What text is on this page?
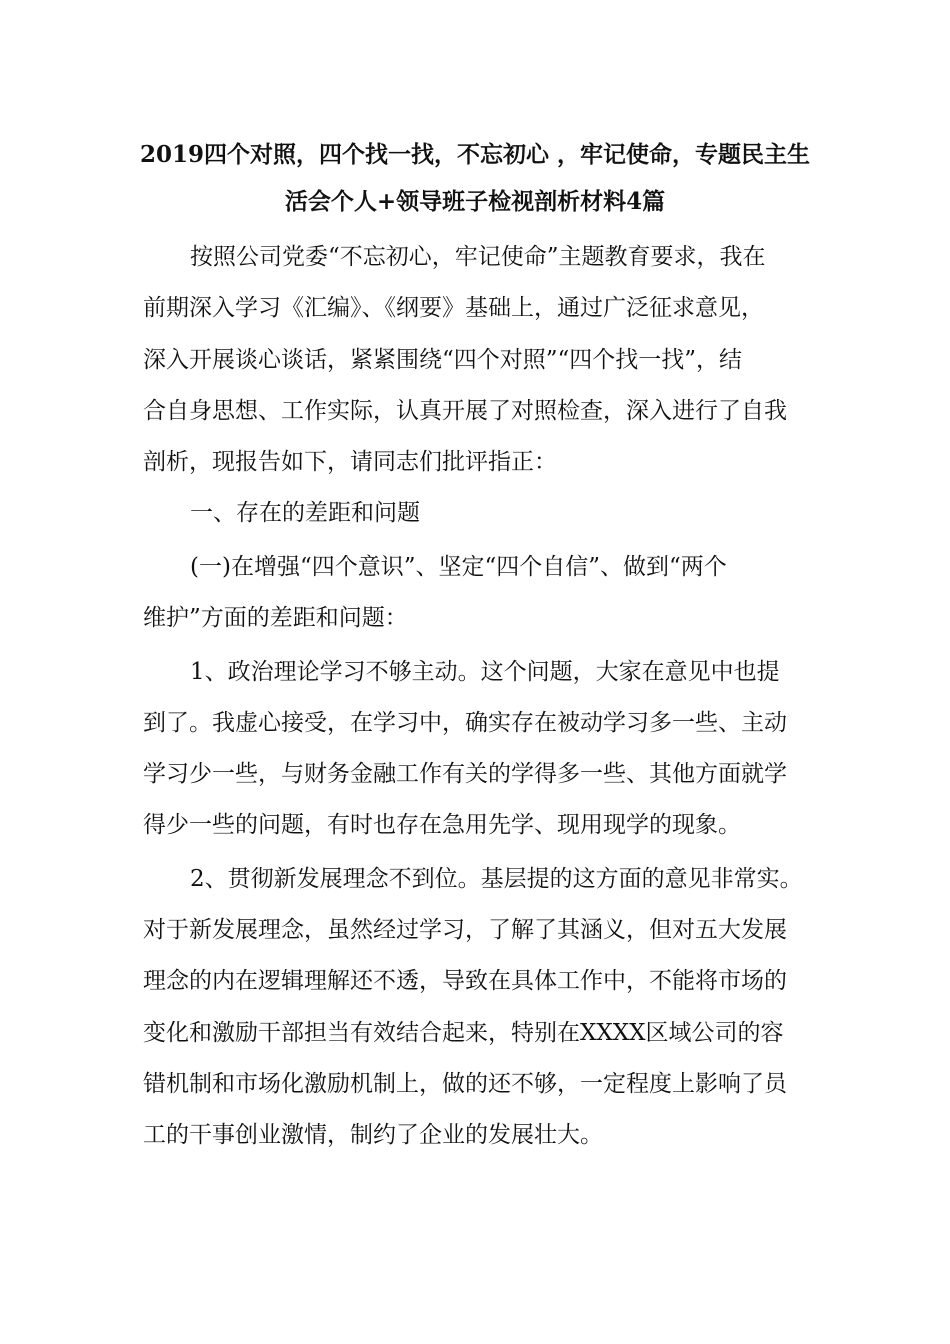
2019四个对照，四个找一找，不忘初心 ，牢记使命，专题民主生
活会个人+领导班子检视剖析材料4篇
按照公司党委“不忘初心，牢记使命”主题教育要求，我在
前期深入学习《汇编》、《纲要》基础上，通过广泛征求意见，
深入开展谈心谈话，紧紧围绕“四个对照”“四个找一找”，结
合自身思想、工作实际，认真开展了对照检查，深入进行了自我
剖析，现报告如下，请同志们批评指正：
一、存在的差距和问题
(一)在增强“四个意识”、坚定“四个自信”、做到“两个
维护”方面的差距和问题：
1、政治理论学习不够主动。这个问题，大家在意见中也提
到了。我虚心接受，在学习中，确实存在被动学习多一些、主动
学习少一些，与财务金融工作有关的学得多一些、其他方面就学
得少一些的问题，有时也存在急用先学、现用现学的现象。
2、贯彻新发展理念不到位。基层提的这方面的意见非常实。
对于新发展理念，虽然经过学习，了解了其涵义，但对五大发展
理念的内在逻辑理解还不透，导致在具体工作中，不能将市场的
变化和激励干部担当有效结合起来，特别在XXXX区域公司的容
错机制和市场化激励机制上，做的还不够，一定程度上影响了员
工的干事创业激情，制约了企业的发展壮大。
